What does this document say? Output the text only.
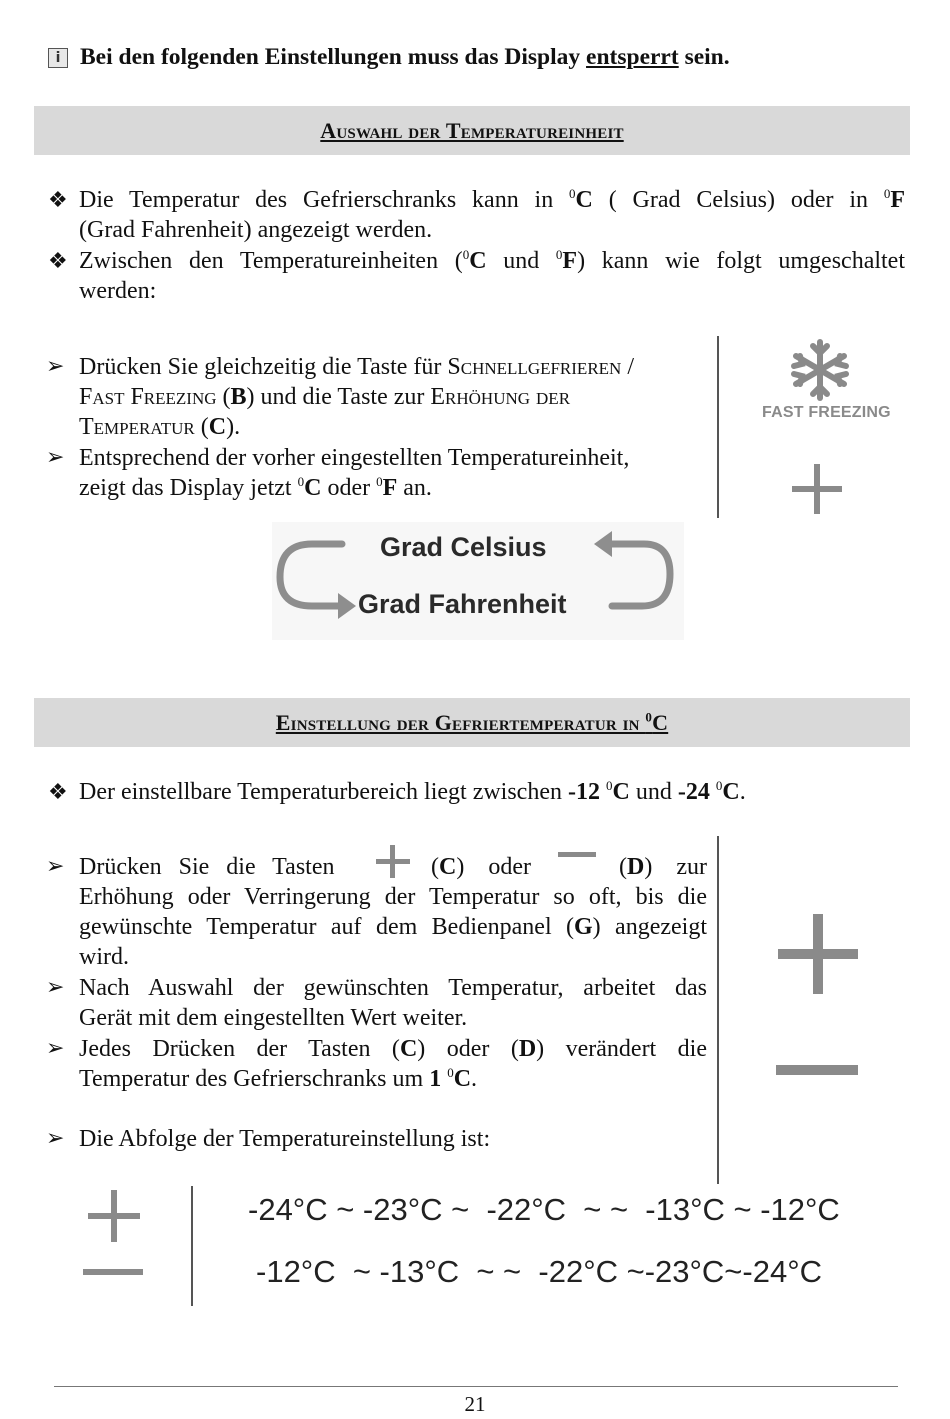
i Bei den folgenden Einstellungen muss das Display entsperrt sein.
Auswahl der Temperatureinheit
❖ Die Temperatur des Gefrierschranks kann in $^0$C ( Grad Celsius) oder in $^0$F
(Grad Fahrenheit) angezeigt werden.
❖ Zwischen den Temperatureinheiten ($^0$C und $^0$F) kann wie folgt umgeschaltet
werden:
➢ Drücken Sie gleichzeitig die Taste für Schnellgefrieren /
Fast Freezing (B) und die Taste zur Erhöhung der
Temperatur (C).
➢ Entsprechend der vorher eingestellten Temperatureinheit,
zeigt das Display jetzt $^0$C oder $^0$F an.
FAST FREEZING
Grad Celsius
Grad Fahrenheit
Einstellung der Gefriertemperatur in $^0$C
❖ Der einstellbare Temperaturbereich liegt zwischen -12 $^0$C und -24 $^0$C.
➢ Drücken Sie die Tasten	(C) oder	(D) zur
Erhöhung oder Verringerung der Temperatur so oft, bis die
gewünschte Temperatur auf dem Bedienpanel (G) angezeigt
wird.
➢ Nach Auswahl der gewünschten Temperatur, arbeitet das
Gerät mit dem eingestellten Wert weiter.
➢ Jedes Drücken der Tasten (C) oder (D) verändert die
Temperatur des Gefrierschranks um 1 $^0$C.
➢ Die Abfolge der Temperatureinstellung ist:
-24°C ~ -23°C ~  -22°C  ~ ~  -13°C ~ -12°C
-12°C  ~ -13°C  ~ ~  -22°C ~-23°C~-24°C
21
